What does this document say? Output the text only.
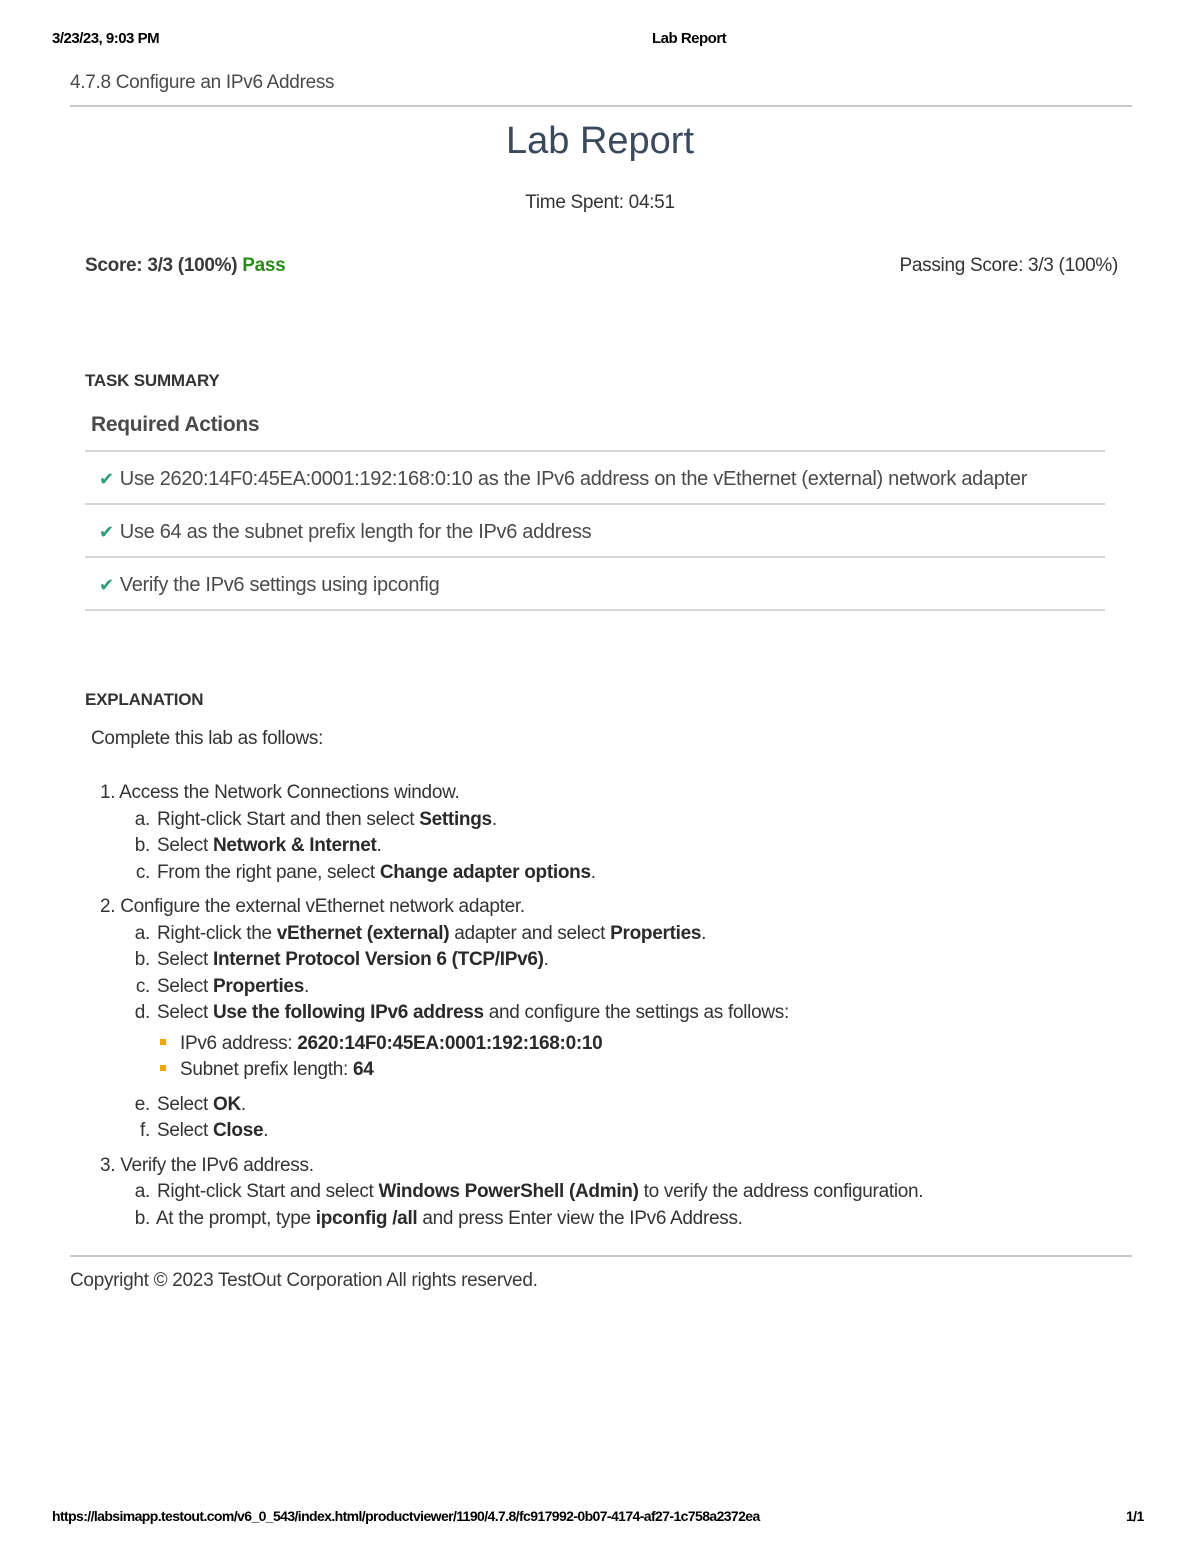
3/23/23, 9:03 PM	Lab Report
4.7.8 Configure an IPv6 Address
Lab Report
Time Spent: 04:51
Score: 3/3 (100%) Pass	Passing Score: 3/3 (100%)
TASK SUMMARY
Required Actions
✔ Use 2620:14F0:45EA:0001:192:168:0:10 as the IPv6 address on the vEthernet (external) network adapter
✔ Use 64 as the subnet prefix length for the IPv6 address
✔ Verify the IPv6 settings using ipconfig
EXPLANATION
Complete this lab as follows:
1. Access the Network Connections window.
a. Right-click Start and then select Settings.
b. Select Network & Internet.
c. From the right pane, select Change adapter options.
2. Configure the external vEthernet network adapter.
a. Right-click the vEthernet (external) adapter and select Properties.
b. Select Internet Protocol Version 6 (TCP/IPv6).
c. Select Properties.
d. Select Use the following IPv6 address and configure the settings as follows:
IPv6 address: 2620:14F0:45EA:0001:192:168:0:10
Subnet prefix length: 64
e. Select OK.
f. Select Close.
3. Verify the IPv6 address.
a. Right-click Start and select Windows PowerShell (Admin) to verify the address configuration.
b. At the prompt, type ipconfig /all and press Enter view the IPv6 Address.
Copyright © 2023 TestOut Corporation All rights reserved.
https://labsimapp.testout.com/v6_0_543/index.html/productviewer/1190/4.7.8/fc917992-0b07-4174-af27-1c758a2372ea	1/1
